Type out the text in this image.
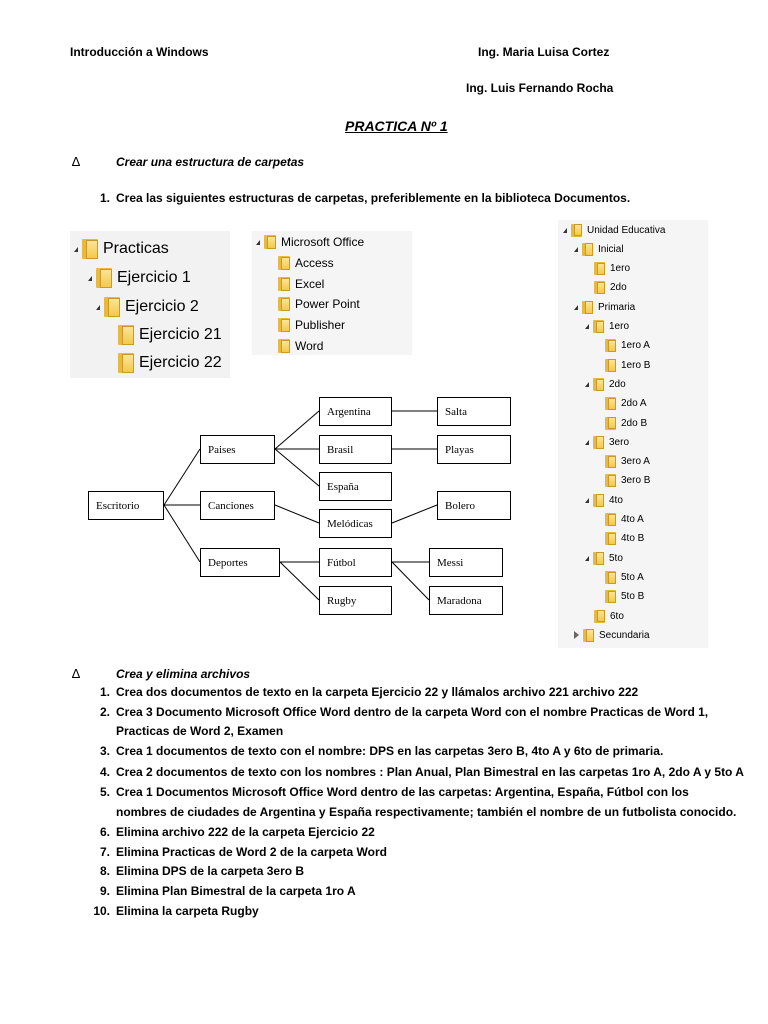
Introducción a Windows	Ing. Maria Luisa Cortez
Ing. Luis Fernando Rocha
PRACTICA Nº 1
∆	Crear una estructura de carpetas
1. Crea las siguientes estructuras de carpetas, preferiblemente en la biblioteca Documentos.
Practicas
Ejercicio 1
Ejercicio 2
Ejercicio 21
Ejercicio 22
Microsoft Office
Access
Excel
Power Point
Publisher
Word
Unidad Educativa
Inicial
1ero
2do
Primaria
1ero
1ero A
1ero B
2do
2do A
2do B
3ero
3ero A
3ero B
4to
4to A
4to B
5to
5to A
5to B
6to
Secundaria
Escritorio
Paises
Canciones
Deportes
Argentina
Brasil
España
Melódicas
Fútbol
Rugby
Salta
Playas
Bolero
Messi
Maradona
∆	Crea y elimina archivos
1. Crea dos documentos de texto en la carpeta Ejercicio 22 y llámalos archivo 221 archivo 222
2. Crea 3 Documento Microsoft Office Word dentro de la carpeta Word con el nombre Practicas de Word 1,
Practicas de Word 2, Examen
3. Crea 1 documentos de texto con el nombre: DPS en las carpetas 3ero B, 4to A y 6to de primaria.
4. Crea 2 documentos de texto con los nombres : Plan Anual, Plan Bimestral en las carpetas 1ro A, 2do A y 5to A
5. Crea 1 Documentos Microsoft Office Word dentro de las carpetas: Argentina, España, Fútbol con los
nombres de ciudades de Argentina y España respectivamente; también el nombre de un futbolista conocido.
6. Elimina archivo 222 de la carpeta Ejercicio 22
7. Elimina Practicas de Word 2 de la carpeta Word
8. Elimina DPS de la carpeta 3ero B
9. Elimina Plan Bimestral de la carpeta 1ro A
10. Elimina la carpeta Rugby
